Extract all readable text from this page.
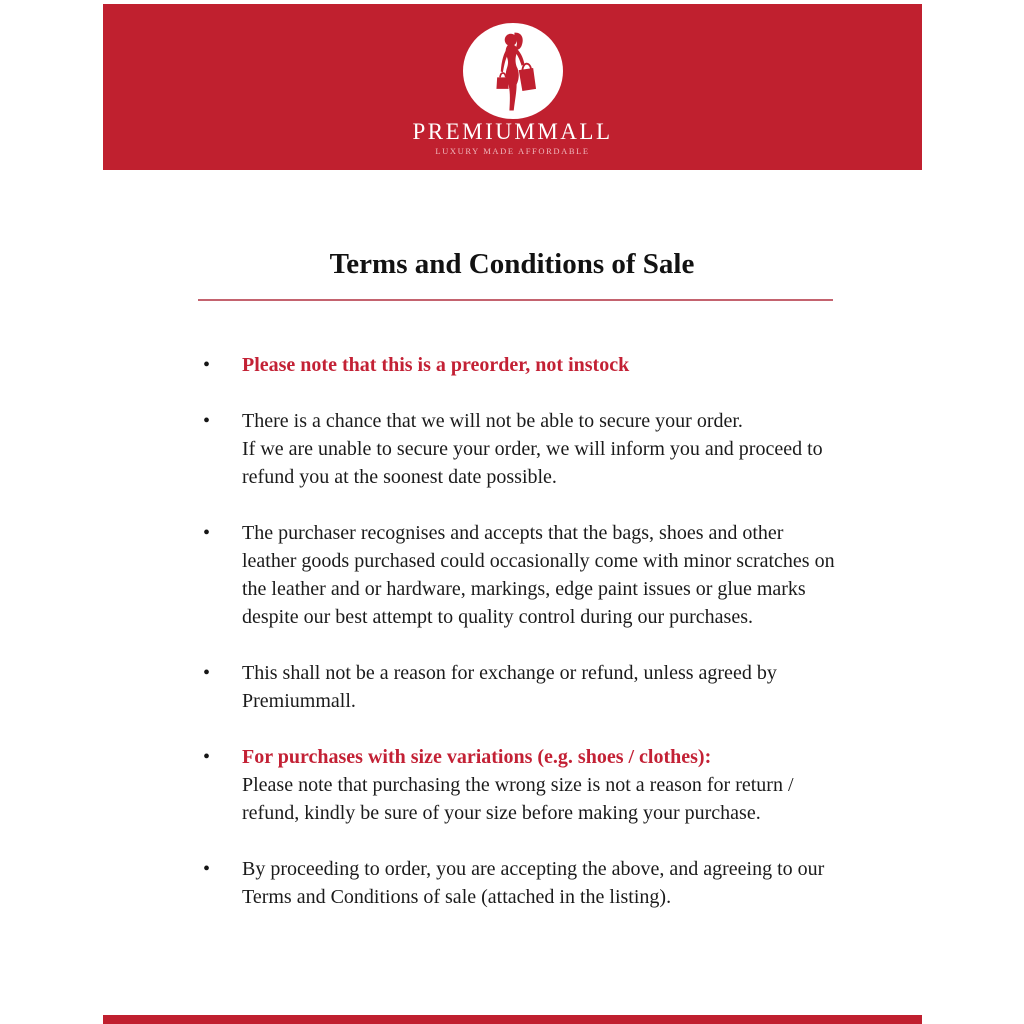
PREMIUMMALL
LUXURY MADE AFFORDABLE
Terms and Conditions of Sale
•	Please note that this is a preorder, not instock

•	There is a chance that we will not be able to secure your order.

If we are unable to secure your order, we will inform you and proceed to refund you at the soonest date possible.

•	The purchaser recognises and accepts that the bags, shoes and other leather goods purchased could occasionally come with minor scratches on the leather and or hardware, markings, edge paint issues or glue marks despite our best attempt to quality control during our purchases.

•	This shall not be a reason for exchange or refund, unless agreed by Premiummall.

•	For purchases with size variations (e.g. shoes / clothes):

Please note that purchasing the wrong size is not a reason for return / refund, kindly be sure of your size before making your purchase.

•	By proceeding to order, you are accepting the above, and agreeing to our Terms and Conditions of sale (attached in the listing).
